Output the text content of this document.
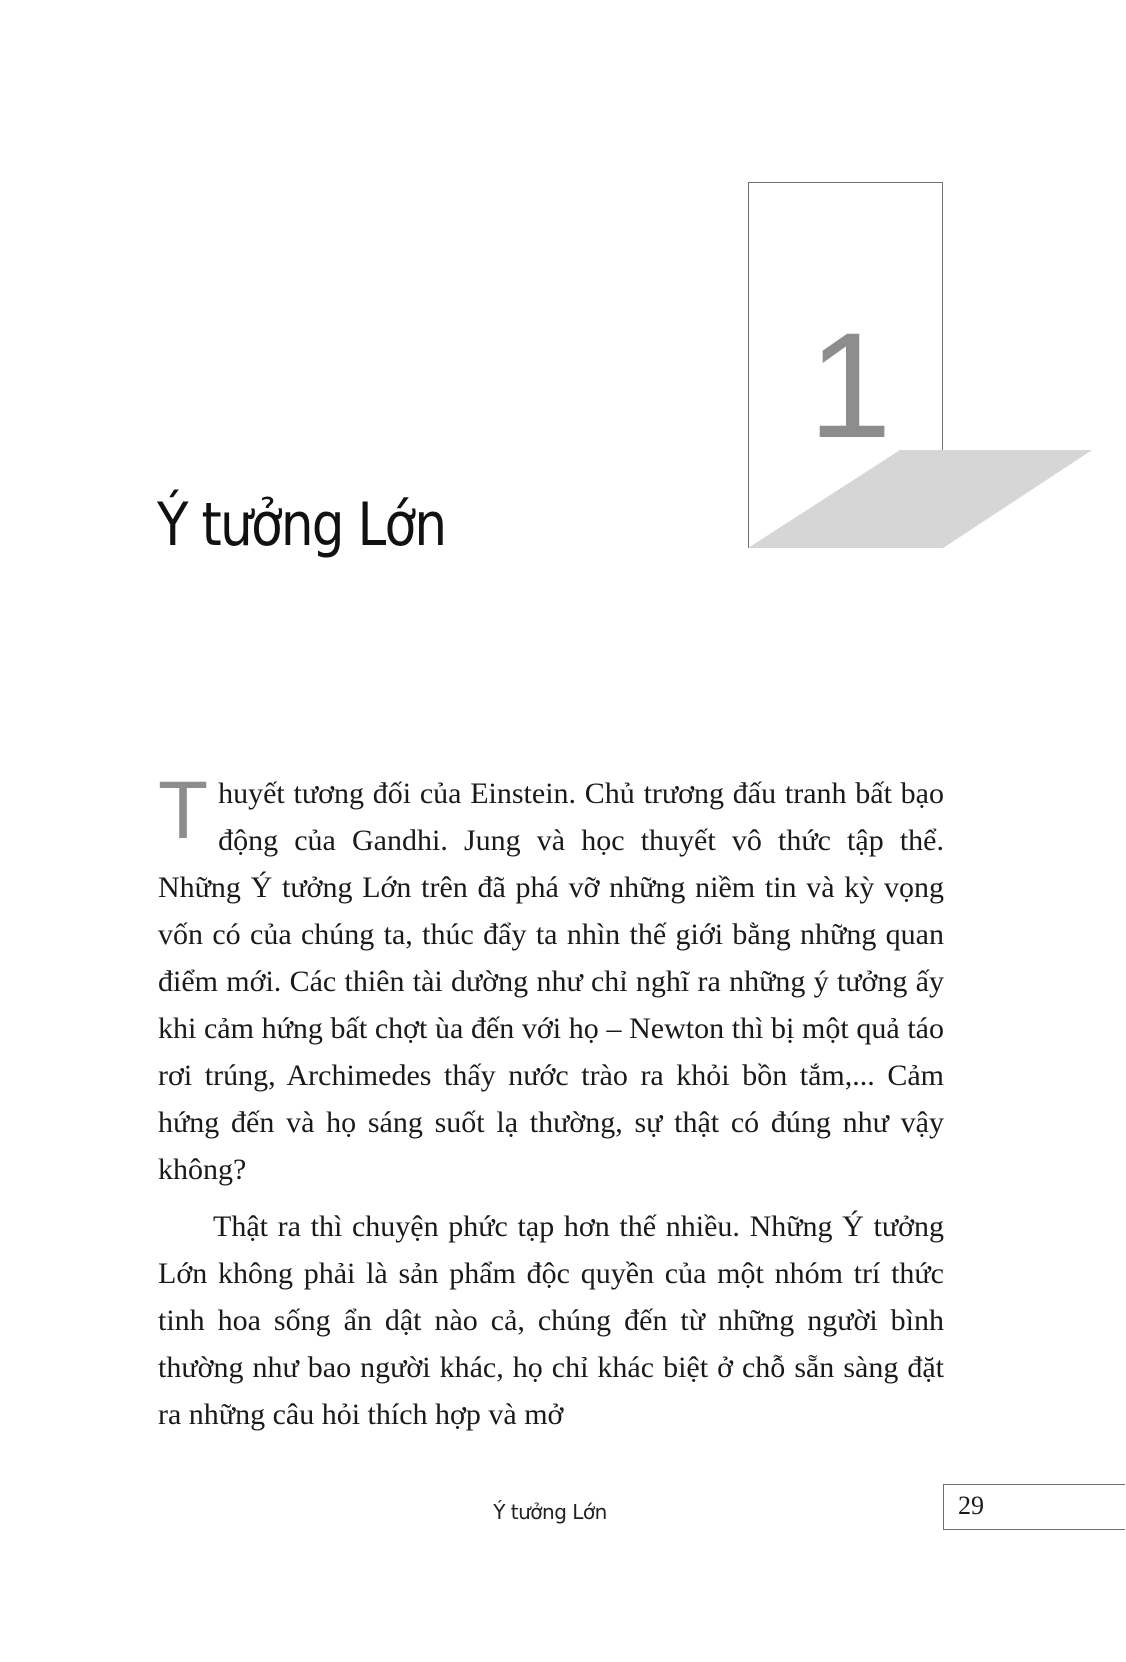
1
Ý tưởng Lớn

Thuyết tương đối của Einstein. Chủ trương đấu tranh bất bạo động của Gandhi. Jung và học thuyết vô thức tập thể. Những Ý tưởng Lớn trên đã phá vỡ những niềm tin và kỳ vọng vốn có của chúng ta, thúc đẩy ta nhìn thế giới bằng những quan điểm mới. Các thiên tài dường như chỉ nghĩ ra những ý tưởng ấy khi cảm hứng bất chợt ùa đến với họ – Newton thì bị một quả táo rơi trúng, Archimedes thấy nước trào ra khỏi bồn tắm,... Cảm hứng đến và họ sáng suốt lạ thường, sự thật có đúng như vậy không?

Thật ra thì chuyện phức tạp hơn thế nhiều. Những Ý tưởng Lớn không phải là sản phẩm độc quyền của một nhóm trí thức tinh hoa sống ẩn dật nào cả, chúng đến từ những người bình thường như bao người khác, họ chỉ khác biệt ở chỗ sẵn sàng đặt ra những câu hỏi thích hợp và mở

Ý tưởng Lớn	29
